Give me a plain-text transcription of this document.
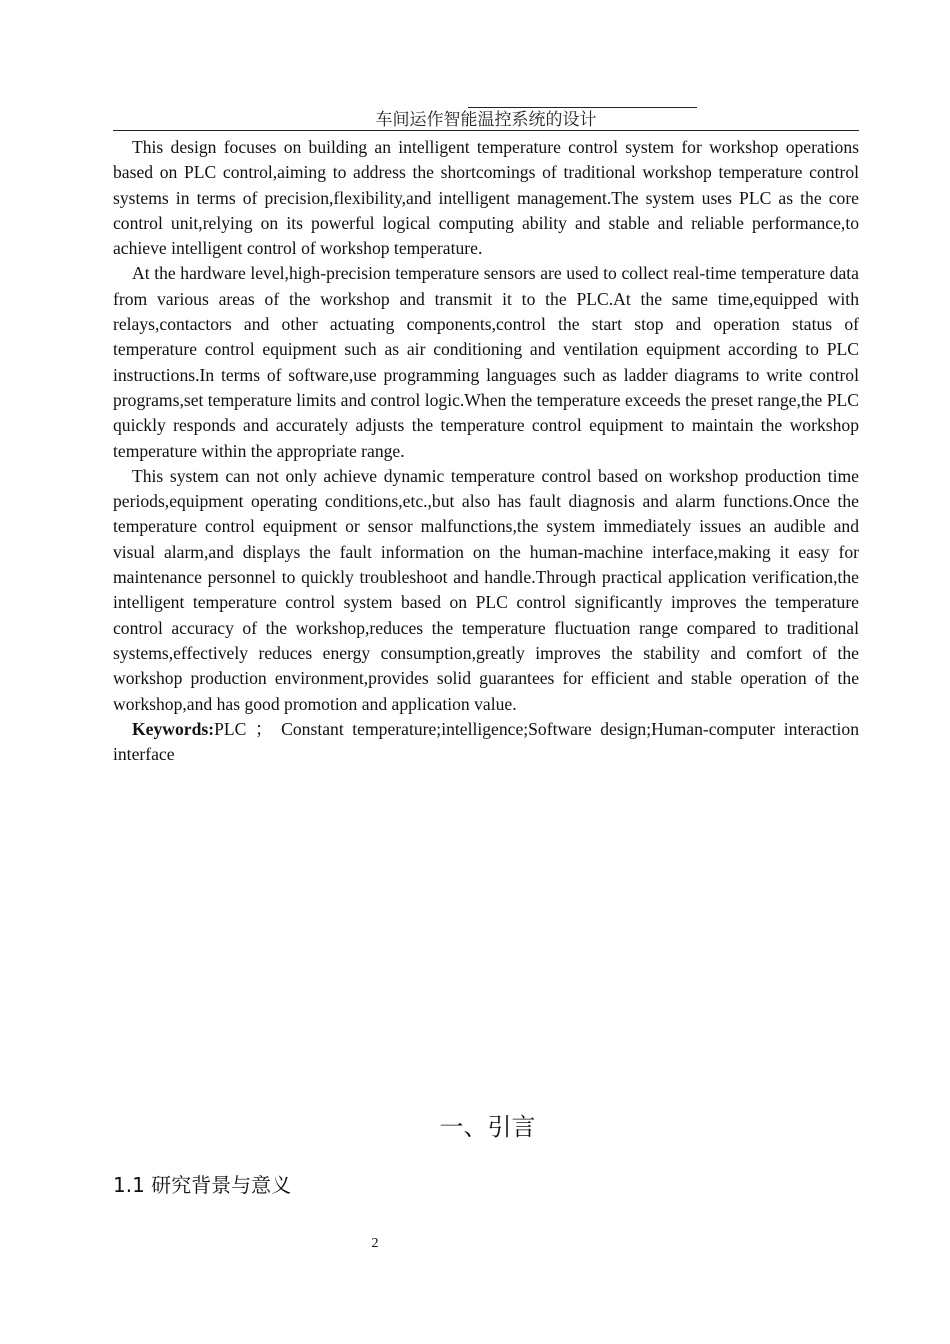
车间运作智能温控系统的设计

This design focuses on building an intelligent temperature control system for workshop operations based on PLC control,aiming to address the shortcomings of traditional workshop temperature control systems in terms of precision,flexibility,and intelligent management.The system uses PLC as the core control unit,relying on its powerful logical computing ability and stable and reliable performance,to achieve intelligent control of workshop temperature.

At the hardware level,high-precision temperature sensors are used to collect real-time temperature data from various areas of the workshop and transmit it to the PLC.At the same time,equipped with relays,contactors and other actuating components,control the start stop and operation status of temperature control equipment such as air conditioning and ventilation equipment according to PLC instructions.In terms of software,use programming languages such as ladder diagrams to write control programs,set temperature limits and control logic.When the temperature exceeds the preset range,the PLC quickly responds and accurately adjusts the temperature control equipment to maintain the workshop temperature within the appropriate range.

This system can not only achieve dynamic temperature control based on workshop production time periods,equipment operating conditions,etc.,but also has fault diagnosis and alarm functions.Once the temperature control equipment or sensor malfunctions,the system immediately issues an audible and visual alarm,and displays the fault information on the human-machine interface,making it easy for maintenance personnel to quickly troubleshoot and handle.Through practical application verification,the intelligent temperature control system based on PLC control significantly improves the temperature control accuracy of the workshop,reduces the temperature fluctuation range compared to traditional systems,effectively reduces energy consumption,greatly improves the stability and comfort of the workshop production environment,provides solid guarantees for efficient and stable operation of the workshop,and has good promotion and application value.

Keywords:PLC ； Constant temperature;intelligence;Software design;Human-computer interaction interface

一、引言
1.1 研究背景与意义
2
